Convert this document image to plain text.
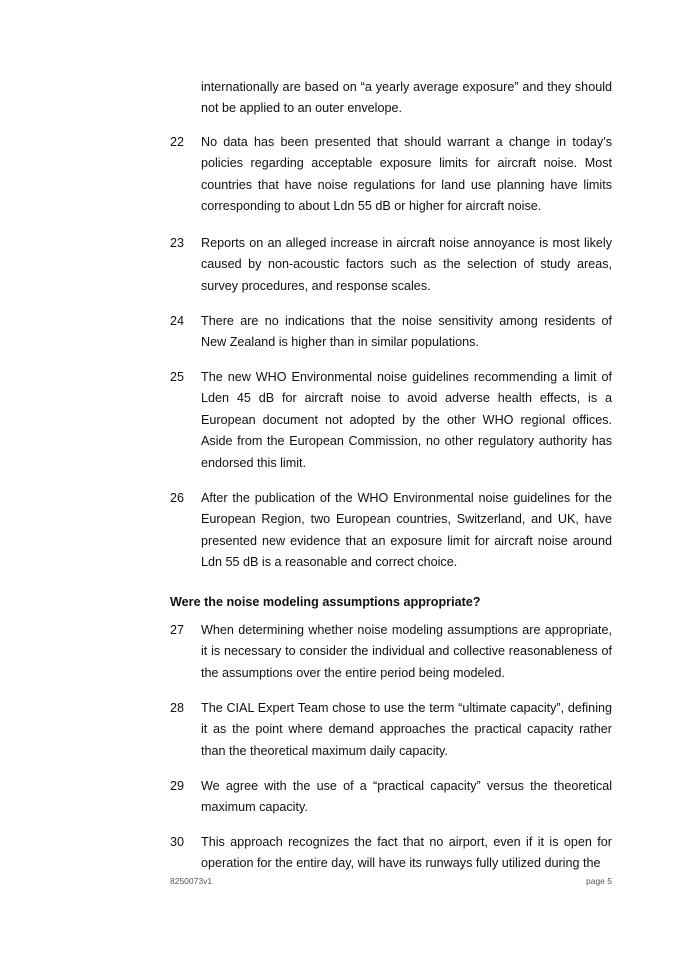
internationally are based on “a yearly average exposure” and they should not be applied to an outer envelope.
22	No data has been presented that should warrant a change in today’s policies regarding acceptable exposure limits for aircraft noise. Most countries that have noise regulations for land use planning have limits corresponding to about Ldn 55 dB or higher for aircraft noise.
23	Reports on an alleged increase in aircraft noise annoyance is most likely caused by non-acoustic factors such as the selection of study areas, survey procedures, and response scales.
24	There are no indications that the noise sensitivity among residents of New Zealand is higher than in similar populations.
25	The new WHO Environmental noise guidelines recommending a limit of Lden 45 dB for aircraft noise to avoid adverse health effects, is a European document not adopted by the other WHO regional offices. Aside from the European Commission, no other regulatory authority has endorsed this limit.
26	After the publication of the WHO Environmental noise guidelines for the European Region, two European countries, Switzerland, and UK, have presented new evidence that an exposure limit for aircraft noise around Ldn 55 dB is a reasonable and correct choice.
Were the noise modeling assumptions appropriate?
27	When determining whether noise modeling assumptions are appropriate, it is necessary to consider the individual and collective reasonableness of the assumptions over the entire period being modeled.
28	The CIAL Expert Team chose to use the term “ultimate capacity”, defining it as the point where demand approaches the practical capacity rather than the theoretical maximum daily capacity.
29	We agree with the use of a “practical capacity” versus the theoretical maximum capacity.
30	This approach recognizes the fact that no airport, even if it is open for operation for the entire day, will have its runways fully utilized during the
8250073v1	page 5
